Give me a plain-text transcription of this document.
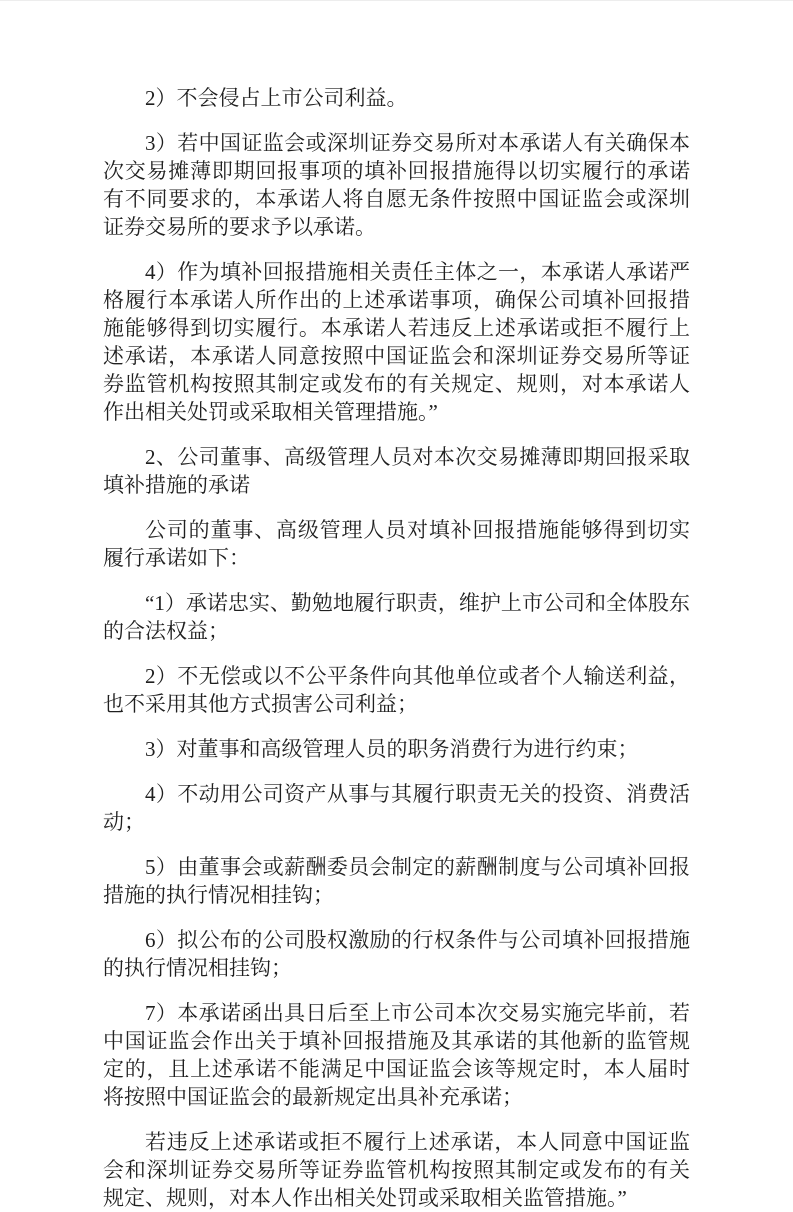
2）不会侵占上市公司利益。

3）若中国证监会或深圳证券交易所对本承诺人有关确保本次交易摊薄即期回报事项的填补回报措施得以切实履行的承诺有不同要求的，本承诺人将自愿无条件按照中国证监会或深圳证券交易所的要求予以承诺。

4）作为填补回报措施相关责任主体之一，本承诺人承诺严格履行本承诺人所作出的上述承诺事项，确保公司填补回报措施能够得到切实履行。本承诺人若违反上述承诺或拒不履行上述承诺，本承诺人同意按照中国证监会和深圳证券交易所等证券监管机构按照其制定或发布的有关规定、规则，对本承诺人作出相关处罚或采取相关管理措施。”

2、公司董事、高级管理人员对本次交易摊薄即期回报采取填补措施的承诺

公司的董事、高级管理人员对填补回报措施能够得到切实履行承诺如下：

“1）承诺忠实、勤勉地履行职责，维护上市公司和全体股东的合法权益；

2）不无偿或以不公平条件向其他单位或者个人输送利益，也不采用其他方式损害公司利益；

3）对董事和高级管理人员的职务消费行为进行约束；

4）不动用公司资产从事与其履行职责无关的投资、消费活动；

5）由董事会或薪酬委员会制定的薪酬制度与公司填补回报措施的执行情况相挂钩；

6）拟公布的公司股权激励的行权条件与公司填补回报措施的执行情况相挂钩；

7）本承诺函出具日后至上市公司本次交易实施完毕前，若中国证监会作出关于填补回报措施及其承诺的其他新的监管规定的，且上述承诺不能满足中国证监会该等规定时，本人届时将按照中国证监会的最新规定出具补充承诺；

若违反上述承诺或拒不履行上述承诺，本人同意中国证监会和深圳证券交易所等证券监管机构按照其制定或发布的有关规定、规则，对本人作出相关处罚或采取相关监管措施。”
